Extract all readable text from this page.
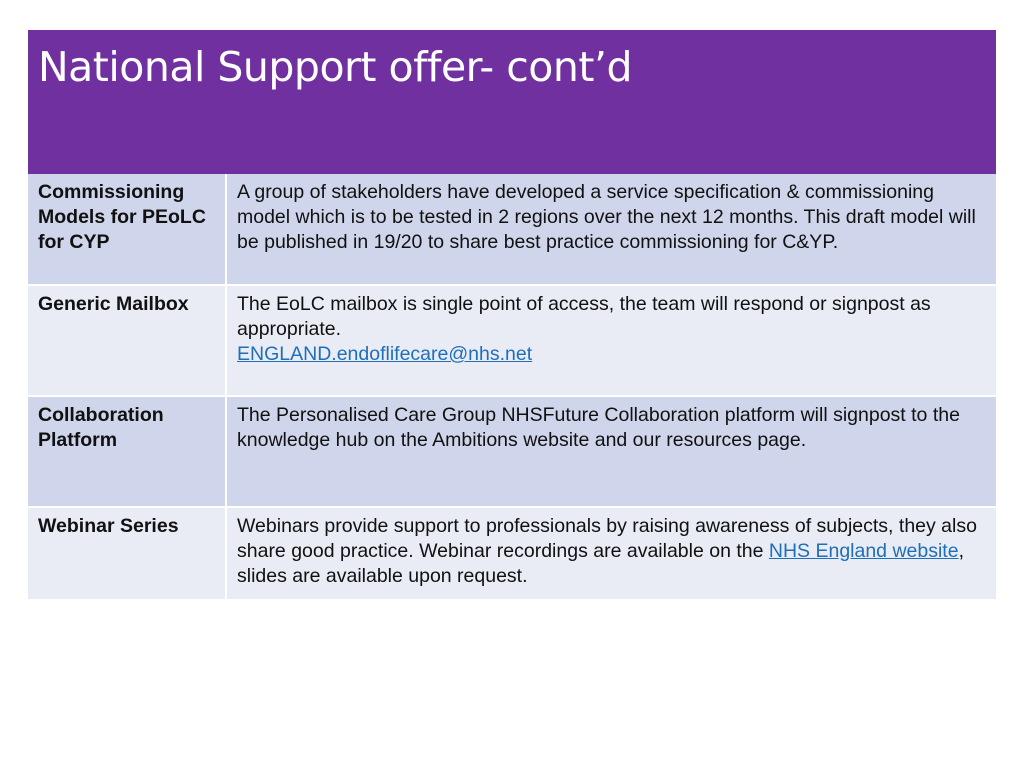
National Support offer- cont’d
Commissioning Models for PEoLC for CYP	A group of stakeholders have developed a service specification & commissioning model which is to be tested in 2 regions over the next 12 months. This draft model will be published in 19/20 to share best practice commissioning for C&YP.
Generic Mailbox	The EoLC mailbox is single point of access, the team will respond or signpost as appropriate.
ENGLAND.endoflifecare@nhs.net
Collaboration Platform	The Personalised Care Group NHSFuture Collaboration platform will signpost to the knowledge hub on the Ambitions website and our resources page.
Webinar Series	Webinars provide support to professionals by raising awareness of subjects, they also share good practice. Webinar recordings are available on the NHS England website, slides are available upon request.
